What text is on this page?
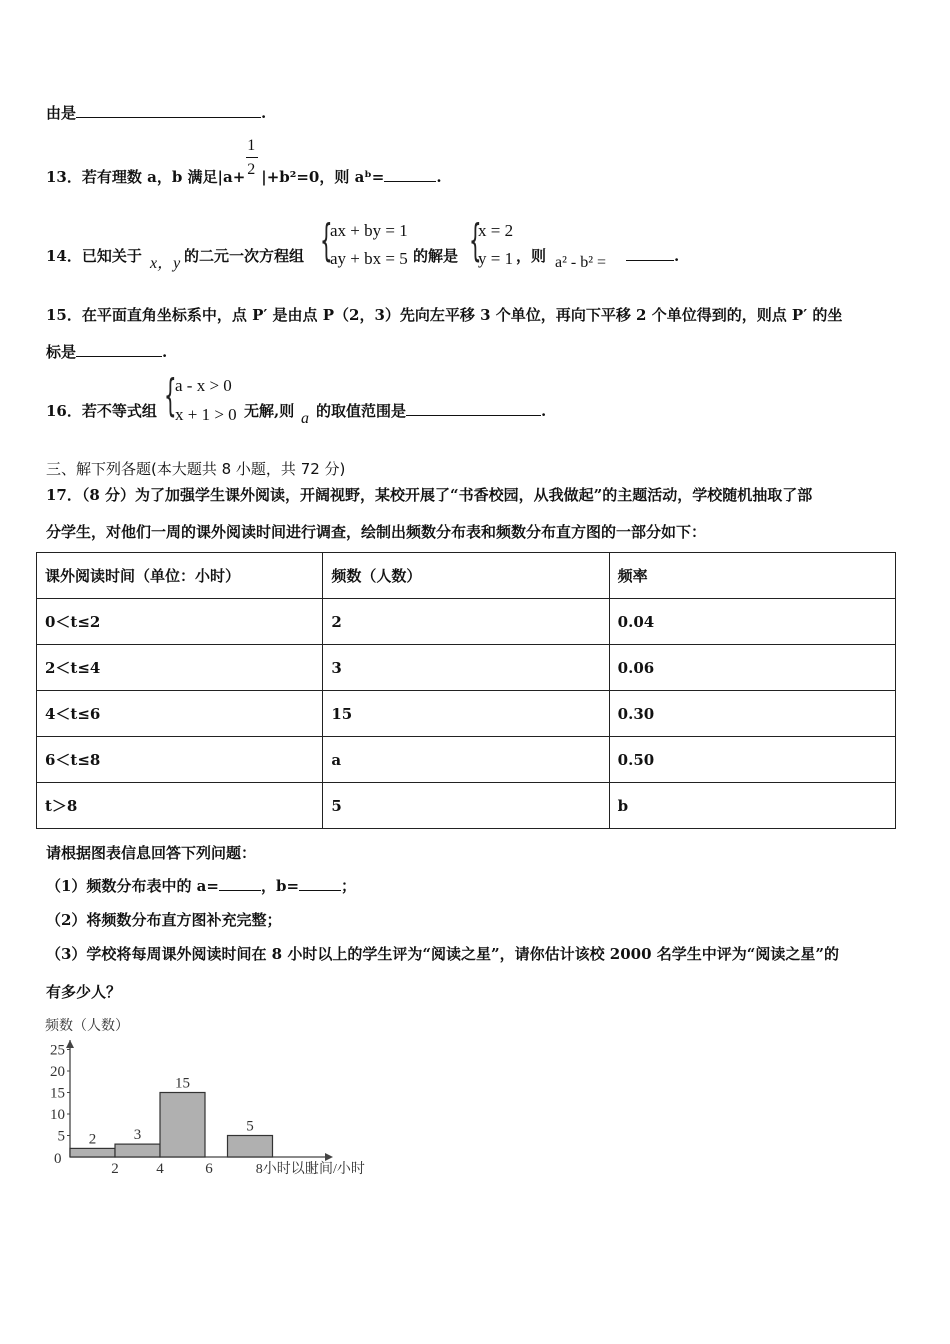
由是	.
13．若有理数 a，b 满足$|a+ \frac{1}{2} |+b^2=0$，则 aᵇ=	.
14．已知关于 x，y 的二元一次方程组 {
ax + by = 1
ay + bx = 5 的解是 {
x = 2
y = 1 ，则 a² - b² =	.
15．在平面直角坐标系中，点 P′ 是由点 P（2，3）先向左平移 3 个单位，再向下平移 2 个单位得到的，则点 P′ 的坐
标是	.
16．若不等式组 {
a - x > 0
x + 1 > 0 无解,则 a 的取值范围是	.
三、解下列各题(本大题共 8 小题，共 72 分)
17．（8 分）为了加强学生课外阅读，开阔视野，某校开展了“书香校园，从我做起”的主题活动，学校随机抽取了部
分学生，对他们一周的课外阅读时间进行调查，绘制出频数分布表和频数分布直方图的一部分如下：
课外阅读时间（单位：小时）	频数（人数）	频率
0＜t≤2	2	0.04
2＜t≤4	3	0.06
4＜t≤6	15	0.30
6＜t≤8	a	0.50
t＞8	5	b
请根据图表信息回答下列问题：
（1）频数分布表中的 a=	，b=	；
（2）将频数分布直方图补充完整；
（3）学校将每周课外阅读时间在 8 小时以上的学生评为“阅读之星”，请你估计该校 2000 名学生中评为“阅读之星”的
有多少人？
频数（人数）
5
10
15
20
25
0
2	4	6	8小时以上
时间/小时
2	3
15
5
